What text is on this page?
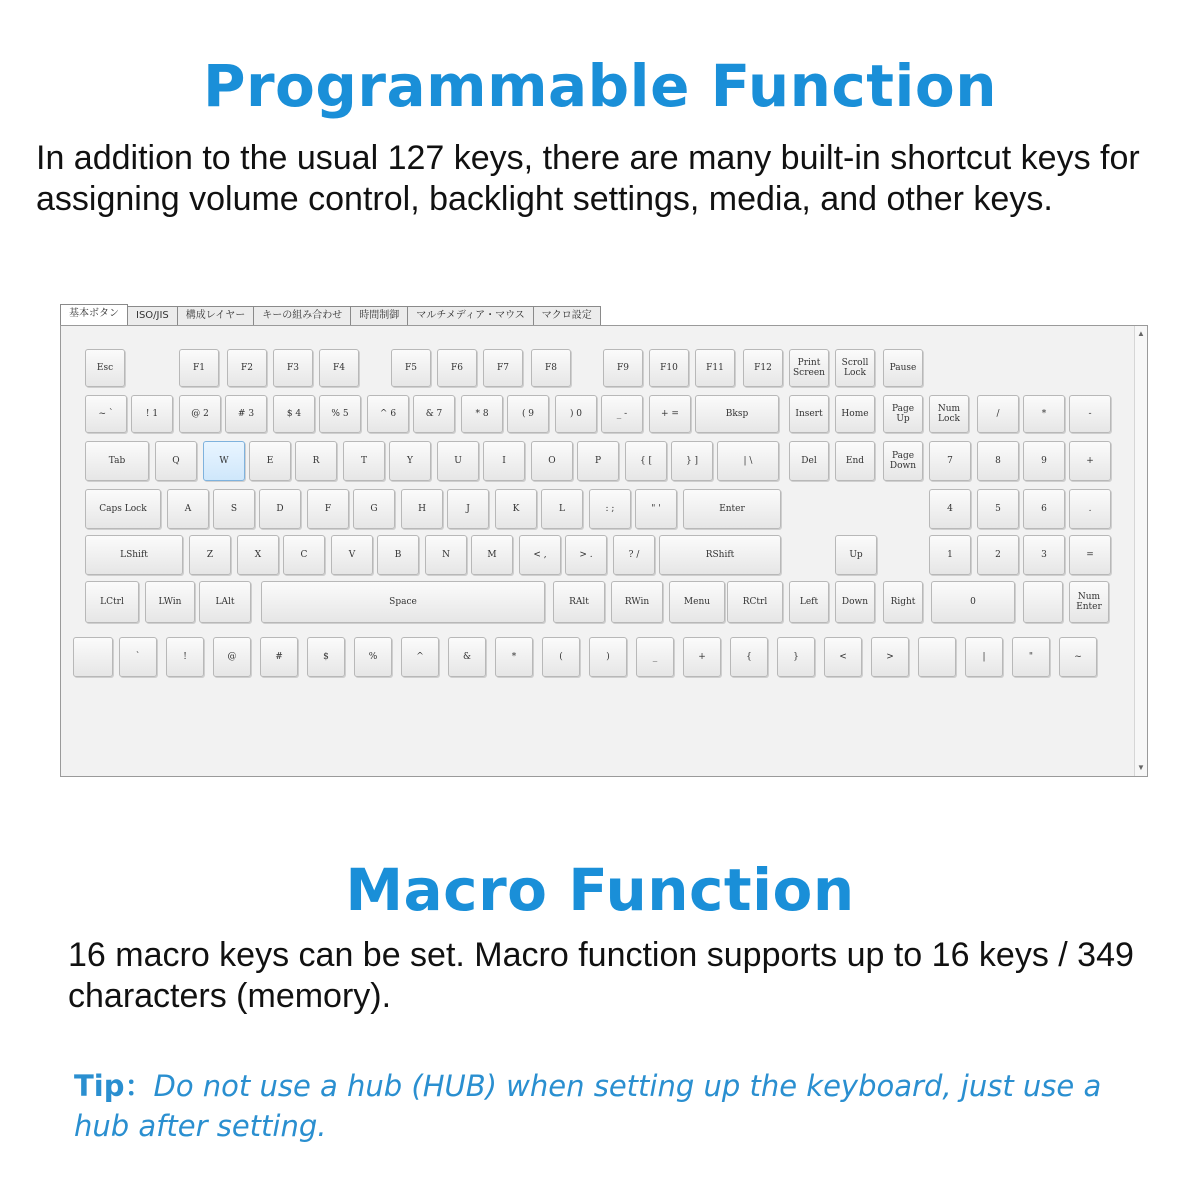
Programmable Function
In addition to the usual 127 keys, there are many built-in shortcut keys for assigning volume control, backlight settings, media, and other keys.
基本ボタン	ISO/JIS	構成レイヤー	キーの組み合わせ	時間制御	マルチメディア・マウス	マクロ設定
▲
▼
Esc	F1	F2	F3	F4	F5	F6	F7	F8	F9	F10	F11	F12	Print Screen
Scroll Lock	Pause
~ `	! 1	@ 2	# 3	$ 4	% 5	^ 6	& 7	* 8	( 9	) 0	_ -	+ =	Bksp	Insert	Home	Page Up
Num Lock	/	*	-
Tab	Q	W	E	R	T	Y	U	I	O	P	{ [	} ]	| \	Del	End	Page Down	7	8	9	+
Caps Lock	A	S	D	F	G	H	J	K	L	: ;	" '	Enter	4	5	6	.
LShift	Z	X	C	V	B	N	M	< ,	> .	? /	RShift	Up	1	2	3	=
LCtrl	LWin	LAlt	Space	RAlt	RWin	Menu	RCtrl	Left	Down	Right	0	Num Enter
`	!	@	#	$	%	^	&	*	(	)	_	+	{	}	<	>	|	"	~
Macro Function
16 macro keys can be set. Macro function supports up to 16 keys / 349 characters (memory).
Tip：Do not use a hub (HUB) when setting up the keyboard, just use a hub after setting.
